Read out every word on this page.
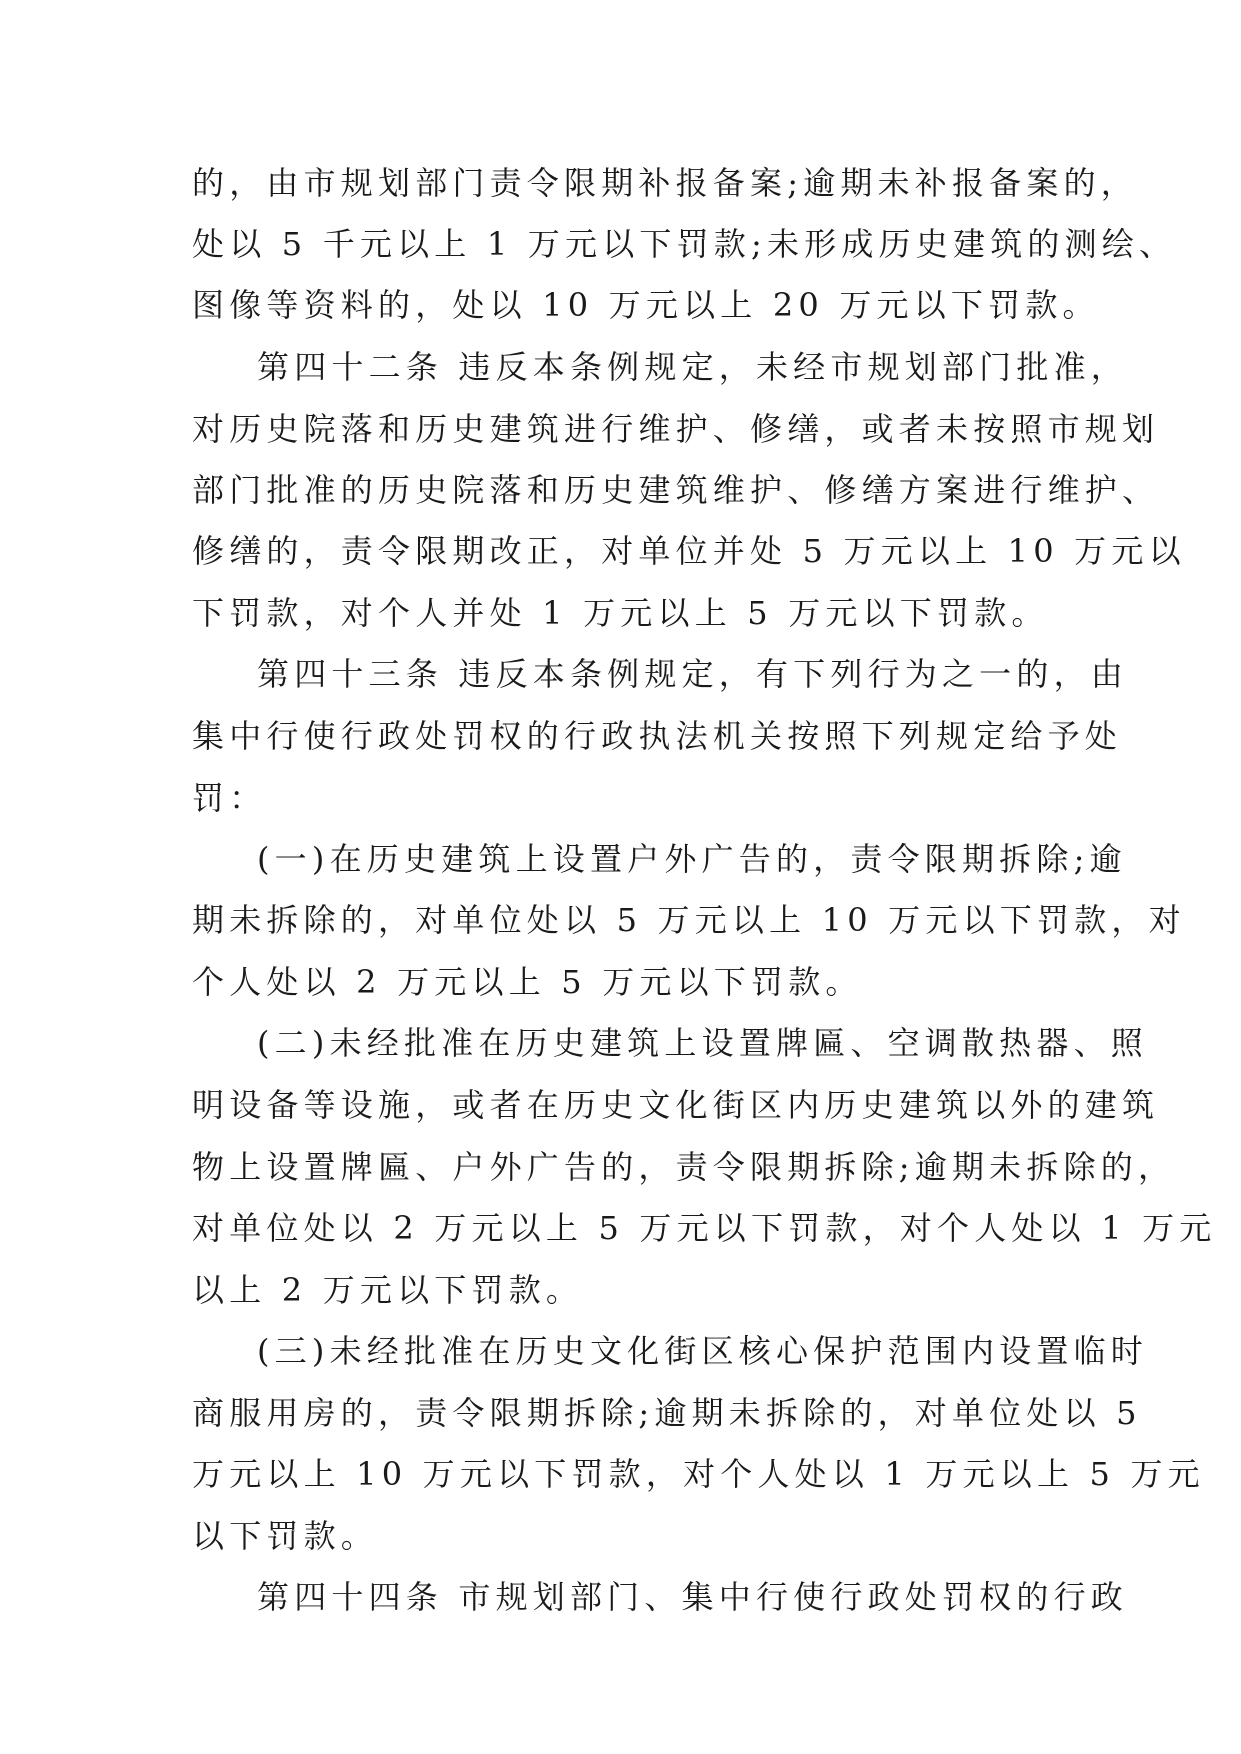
的，由市规划部门责令限期补报备案;逾期未补报备案的，
处以 5 千元以上 1 万元以下罚款;未形成历史建筑的测绘、
图像等资料的，处以 10 万元以上 20 万元以下罚款。
第四十二条 违反本条例规定，未经市规划部门批准，
对历史院落和历史建筑进行维护、修缮，或者未按照市规划
部门批准的历史院落和历史建筑维护、修缮方案进行维护、
修缮的，责令限期改正，对单位并处 5 万元以上 10 万元以
下罚款，对个人并处 1 万元以上 5 万元以下罚款。
第四十三条 违反本条例规定，有下列行为之一的，由
集中行使行政处罚权的行政执法机关按照下列规定给予处
罚：
(一)在历史建筑上设置户外广告的，责令限期拆除;逾
期未拆除的，对单位处以 5 万元以上 10 万元以下罚款，对
个人处以 2 万元以上 5 万元以下罚款。
(二)未经批准在历史建筑上设置牌匾、空调散热器、照
明设备等设施，或者在历史文化街区内历史建筑以外的建筑
物上设置牌匾、户外广告的，责令限期拆除;逾期未拆除的，
对单位处以 2 万元以上 5 万元以下罚款，对个人处以 1 万元
以上 2 万元以下罚款。
(三)未经批准在历史文化街区核心保护范围内设置临时
商服用房的，责令限期拆除;逾期未拆除的，对单位处以 5
万元以上 10 万元以下罚款，对个人处以 1 万元以上 5 万元
以下罚款。
第四十四条 市规划部门、集中行使行政处罚权的行政
